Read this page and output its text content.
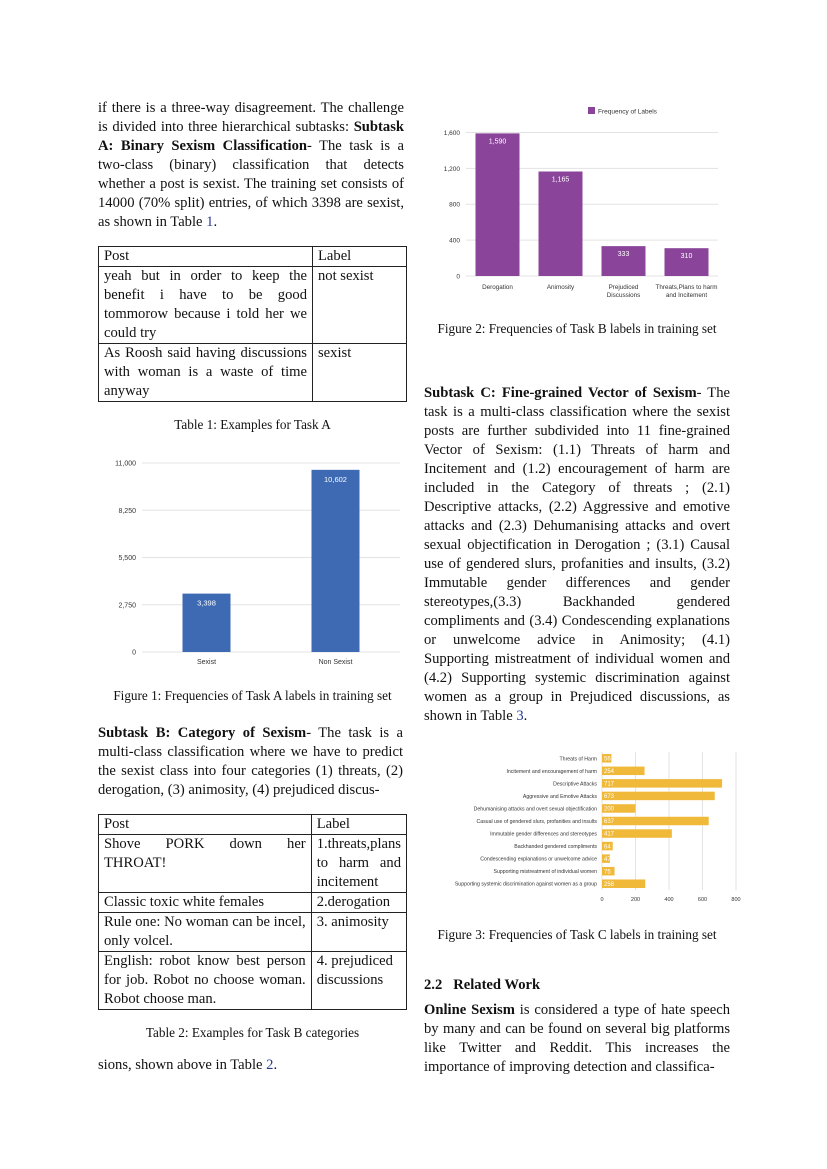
if there is a three-way disagreement. The challenge is divided into three hierarchical subtasks: Subtask A: Binary Sexism Classification- The task is a two-class (binary) classification that detects whether a post is sexist. The training set consists of 14000 (70% split) entries, of which 3398 are sexist, as shown in Table 1.

Post	Label
yeah but in order to keep the benefit i have to be good tommorow because i told her we could try	not sexist
As Roosh said having discussions with woman is a waste of time anyway	sexist
Table 1: Examples for Task A
0
2,750
5,500
8,250
11,000
3,398
Sexist
10,602
Non Sexist
Figure 1: Frequencies of Task A labels in training set

Subtask B: Category of Sexism- The task is a multi-class classification where we have to predict the sexist class into four categories (1) threats, (2) derogation, (3) animosity, (4) prejudiced discus-

Post	Label
Shove PORK down her THROAT!	1.threats,plans to harm and incitement
Classic toxic white females	2.derogation
Rule one: No woman can be incel, only volcel.	3. animosity
English: robot know best person for job. Robot no choose woman. Robot choose man.	4. prejudiced discussions
Table 2: Examples for Task B categories

sions, shown above in Table 2.

Frequency of Labels
0
400
800
1,200
1,600
1,590
Derogation
1,165
Animosity
333
Prejudiced Discussions
310
Threats,Plans to harm and Incitement
Figure 2: Frequencies of Task B labels in training set

Subtask C: Fine-grained Vector of Sexism- The task is a multi-class classification where the sexist posts are further subdivided into 11 fine-grained Vector of Sexism: (1.1) Threats of harm and Incitement and (1.2) encouragement of harm are included in the Category of threats ; (2.1) Descriptive attacks, (2.2) Aggressive and emotive attacks and (2.3) Dehumanising attacks and overt sexual objectification in Derogation ; (3.1) Causal use of gendered slurs, profanities and insults, (3.2) Immutable gender differences and gender stereotypes,(3.3) Backhanded gendered compliments and (3.4) Condescending explanations or unwelcome advice in Animosity; (4.1) Supporting mistreatment of individual women and (4.2) Supporting systemic discrimination against women as a group in Prejudiced discussions, as shown in Table 3.

0	200	400	600	800
56
Threats of Harm
254
Incitement and encouragement of harm
717
Descriptive Attacks
673
Aggressive and Emotive Attacks
200
Dehumanising attacks and overt sexual objectification
637
Casual use of gendered slurs, profanities and insults
417
Immutable gender differences and stereotypes
64
Backhanded gendered compliments
47
Condescending explanations or unwelcome advice
75
Supporting mistreatment of individual women
258
Supporting systemic discrimination against women as a group
Figure 3: Frequencies of Task C labels in training set
2.2 Related Work

Online Sexism is considered a type of hate speech by many and can be found on several big platforms like Twitter and Reddit. This increases the importance of improving detection and classifica-
